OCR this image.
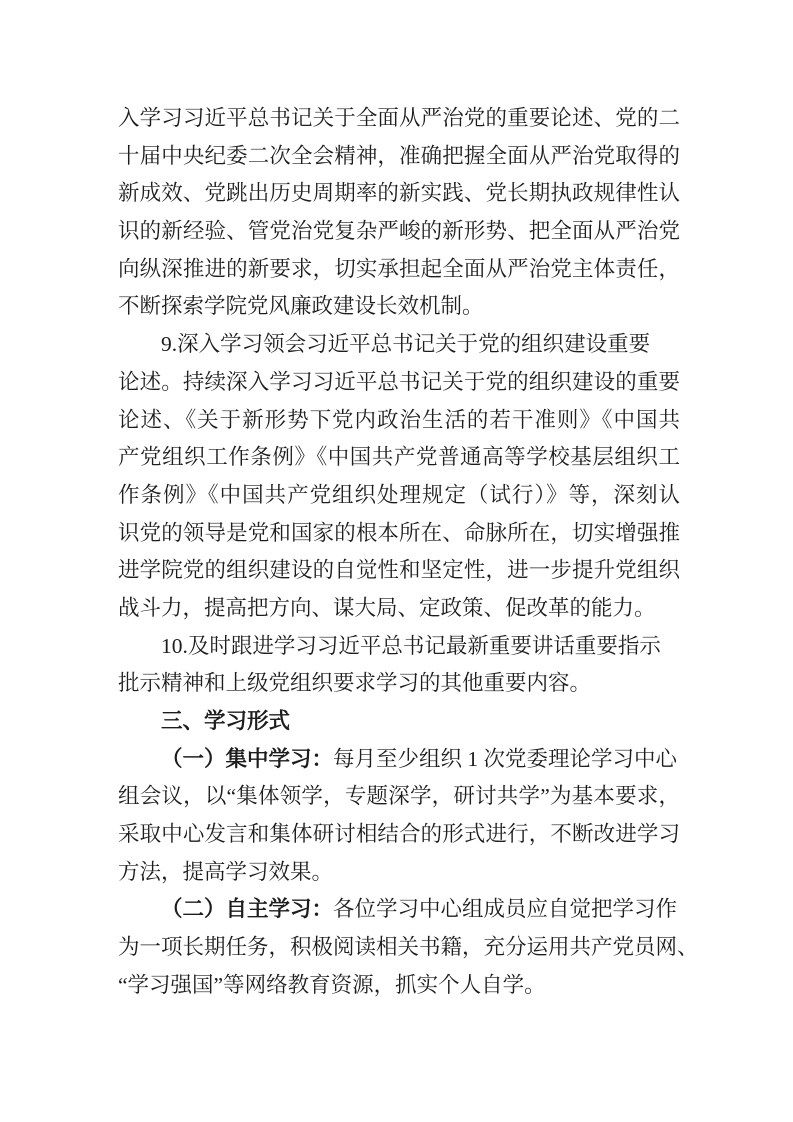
入学习习近平总书记关于全面从严治党的重要论述、党的二
十届中央纪委二次全会精神，准确把握全面从严治党取得的
新成效、党跳出历史周期率的新实践、党长期执政规律性认
识的新经验、管党治党复杂严峻的新形势、把全面从严治党
向纵深推进的新要求，切实承担起全面从严治党主体责任，
不断探索学院党风廉政建设长效机制。
9.深入学习领会习近平总书记关于党的组织建设重要
论述。持续深入学习习近平总书记关于党的组织建设的重要
论述、《关于新形势下党内政治生活的若干准则》《中国共
产党组织工作条例》《中国共产党普通高等学校基层组织工
作条例》《中国共产党组织处理规定（试行）》等，深刻认
识党的领导是党和国家的根本所在、命脉所在，切实增强推
进学院党的组织建设的自觉性和坚定性，进一步提升党组织
战斗力，提高把方向、谋大局、定政策、促改革的能力。
10.及时跟进学习习近平总书记最新重要讲话重要指示
批示精神和上级党组织要求学习的其他重要内容。
三、学习形式
（一）集中学习：每月至少组织 1 次党委理论学习中心
组会议，以“集体领学，专题深学，研讨共学”为基本要求，
采取中心发言和集体研讨相结合的形式进行，不断改进学习
方法，提高学习效果。
（二）自主学习：各位学习中心组成员应自觉把学习作
为一项长期任务，积极阅读相关书籍，充分运用共产党员网、
“学习强国”等网络教育资源，抓实个人自学。
